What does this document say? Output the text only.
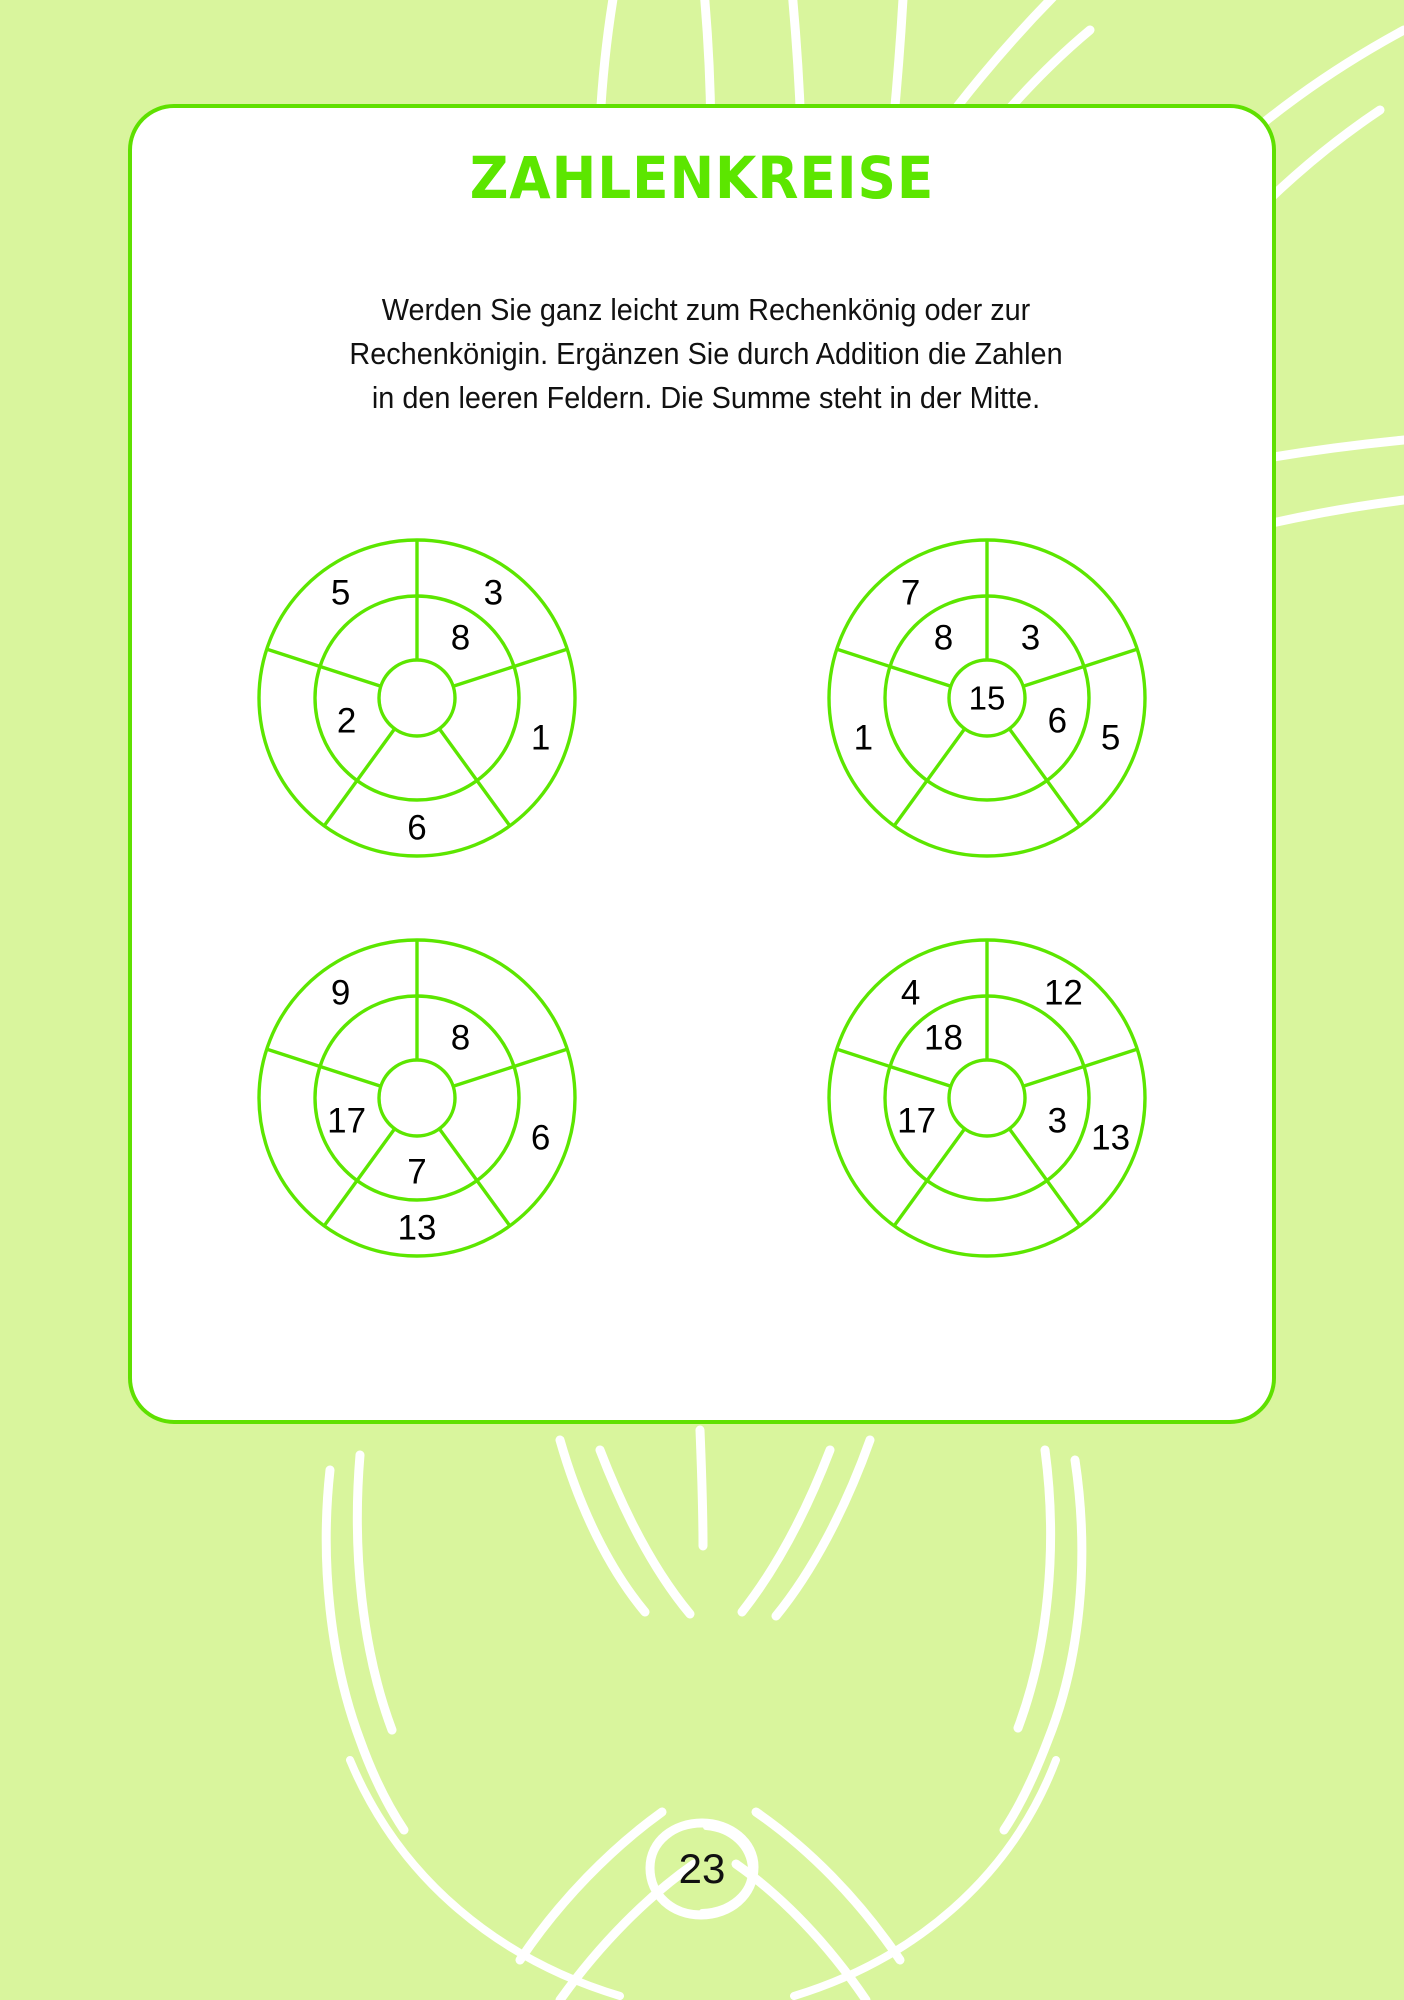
ZAHLENKREISE
Werden Sie ganz leicht zum Rechenkönig oder zur
Rechenkönigin. Ergänzen Sie durch Addition die Zahlen
in den leeren Feldern. Die Summe steht in der Mitte.
3
1
6
5
8
2	5
1
7
3
6
8
15
6
13
9
8
7
17
12
13
4
3
17
18
23
